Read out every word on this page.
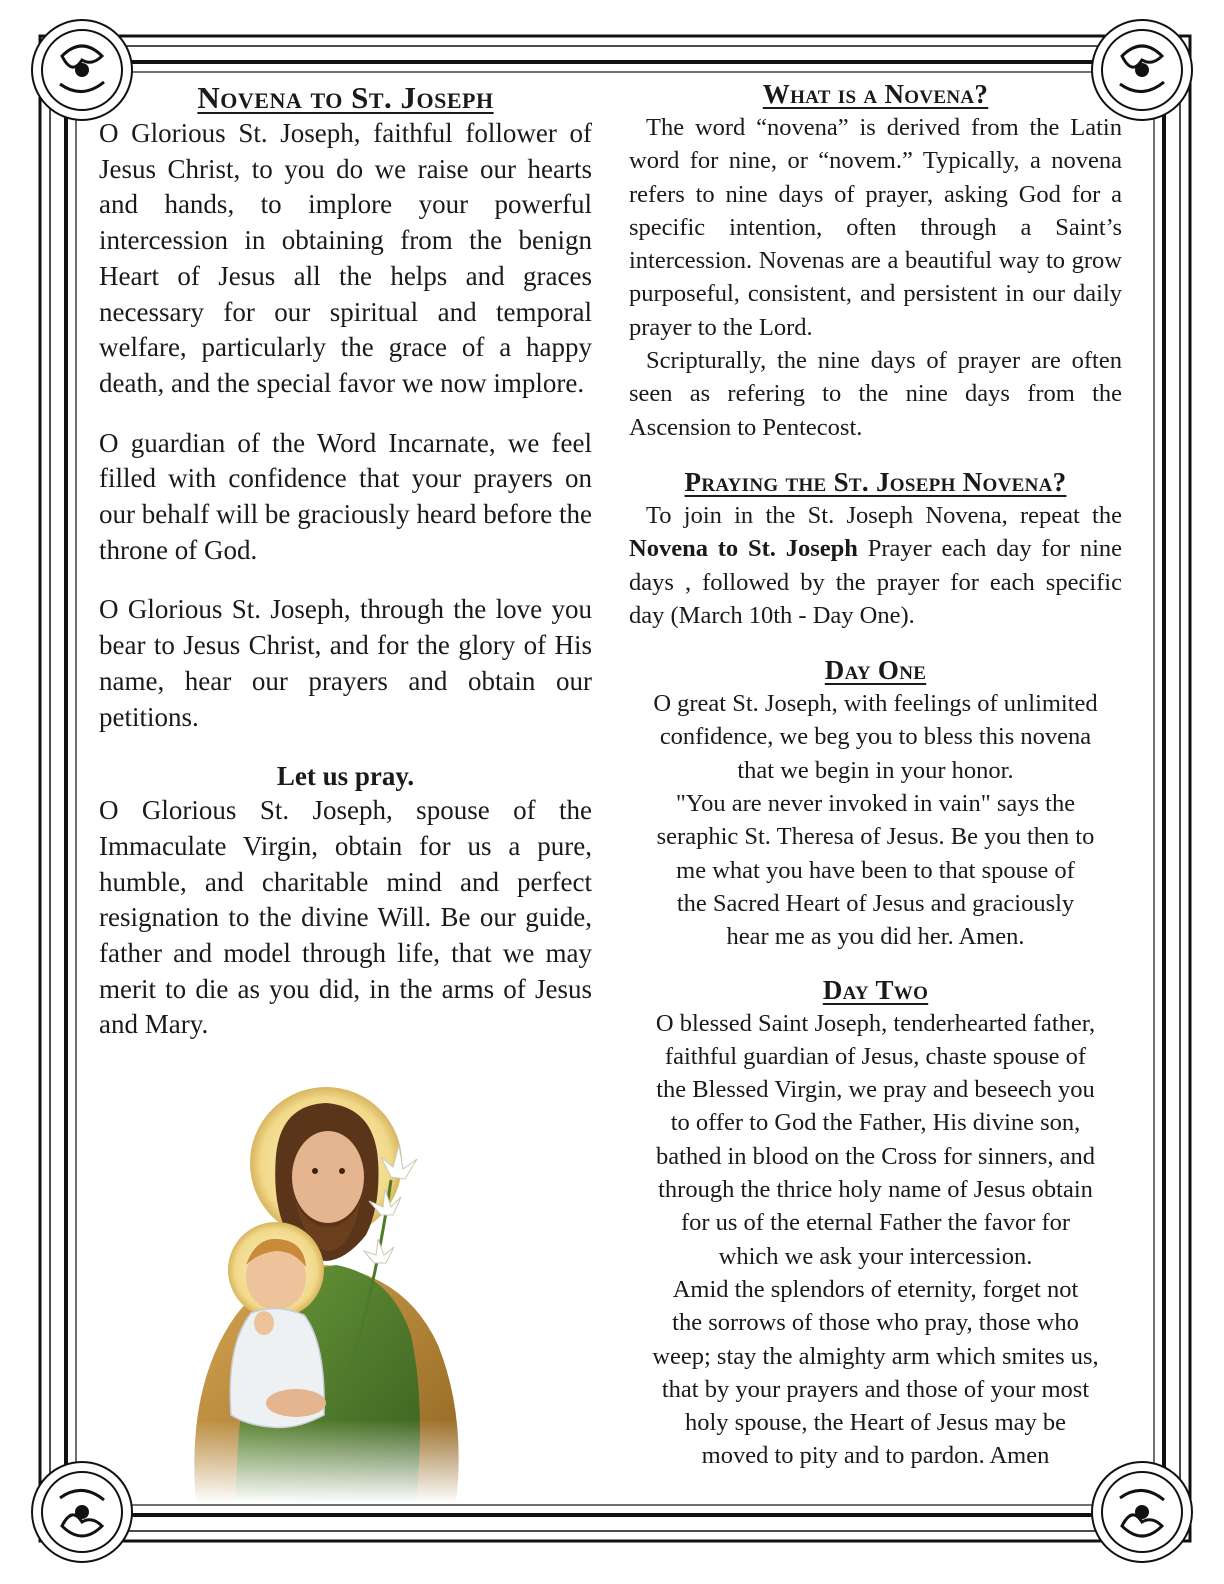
Novena to St. Joseph

O Glorious St. Joseph, faithful follower of Jesus Christ, to you do we raise our hearts and hands, to implore your powerful intercession in obtaining from the benign Heart of Jesus all the helps and graces necessary for our spiritual and temporal welfare, particularly the grace of a happy death, and the special favor we now implore.

O guardian of the Word Incarnate, we feel filled with confidence that your prayers on our behalf will be graciously heard before the throne of God.

O Glorious St. Joseph, through the love you bear to Jesus Christ, and for the glory of His name, hear our prayers and obtain our petitions.

Let us pray.

O Glorious St. Joseph, spouse of the Immaculate Virgin, obtain for us a pure, humble, and charitable mind and perfect resignation to the divine Will. Be our guide, father and model through life, that we may merit to die as you did, in the arms of Jesus and Mary.

What is a Novena?

The word “novena” is derived from the Latin word for nine, or “novem.” Typically, a novena refers to nine days of prayer, asking God for a specific intention, often through a Saint’s intercession. Novenas are a beautiful way to grow purposeful, consistent, and persistent in our daily prayer to the Lord.

Scripturally, the nine days of prayer are often seen as refering to the nine days from the Ascension to Pentecost.

Praying the St. Joseph Novena?

To join in the St. Joseph Novena, repeat the Novena to St. Joseph Prayer each day for nine days , followed by the prayer for each specific day (March 10th - Day One).

Day One

O great St. Joseph, with feelings of unlimited

confidence, we beg you to bless this novena

that we begin in your honor.

"You are never invoked in vain" says the

seraphic St. Theresa of Jesus. Be you then to

me what you have been to that spouse of

the Sacred Heart of Jesus and graciously

hear me as you did her. Amen.

Day Two

O blessed Saint Joseph, tenderhearted father,

faithful guardian of Jesus, chaste spouse of

the Blessed Virgin, we pray and beseech you

to offer to God the Father, His divine son,

bathed in blood on the Cross for sinners, and

through the thrice holy name of Jesus obtain

for us of the eternal Father the favor for

which we ask your intercession.

Amid the splendors of eternity, forget not

the sorrows of those who pray, those who

weep; stay the almighty arm which smites us,

that by your prayers and those of your most

holy spouse, the Heart of Jesus may be

moved to pity and to pardon. Amen
